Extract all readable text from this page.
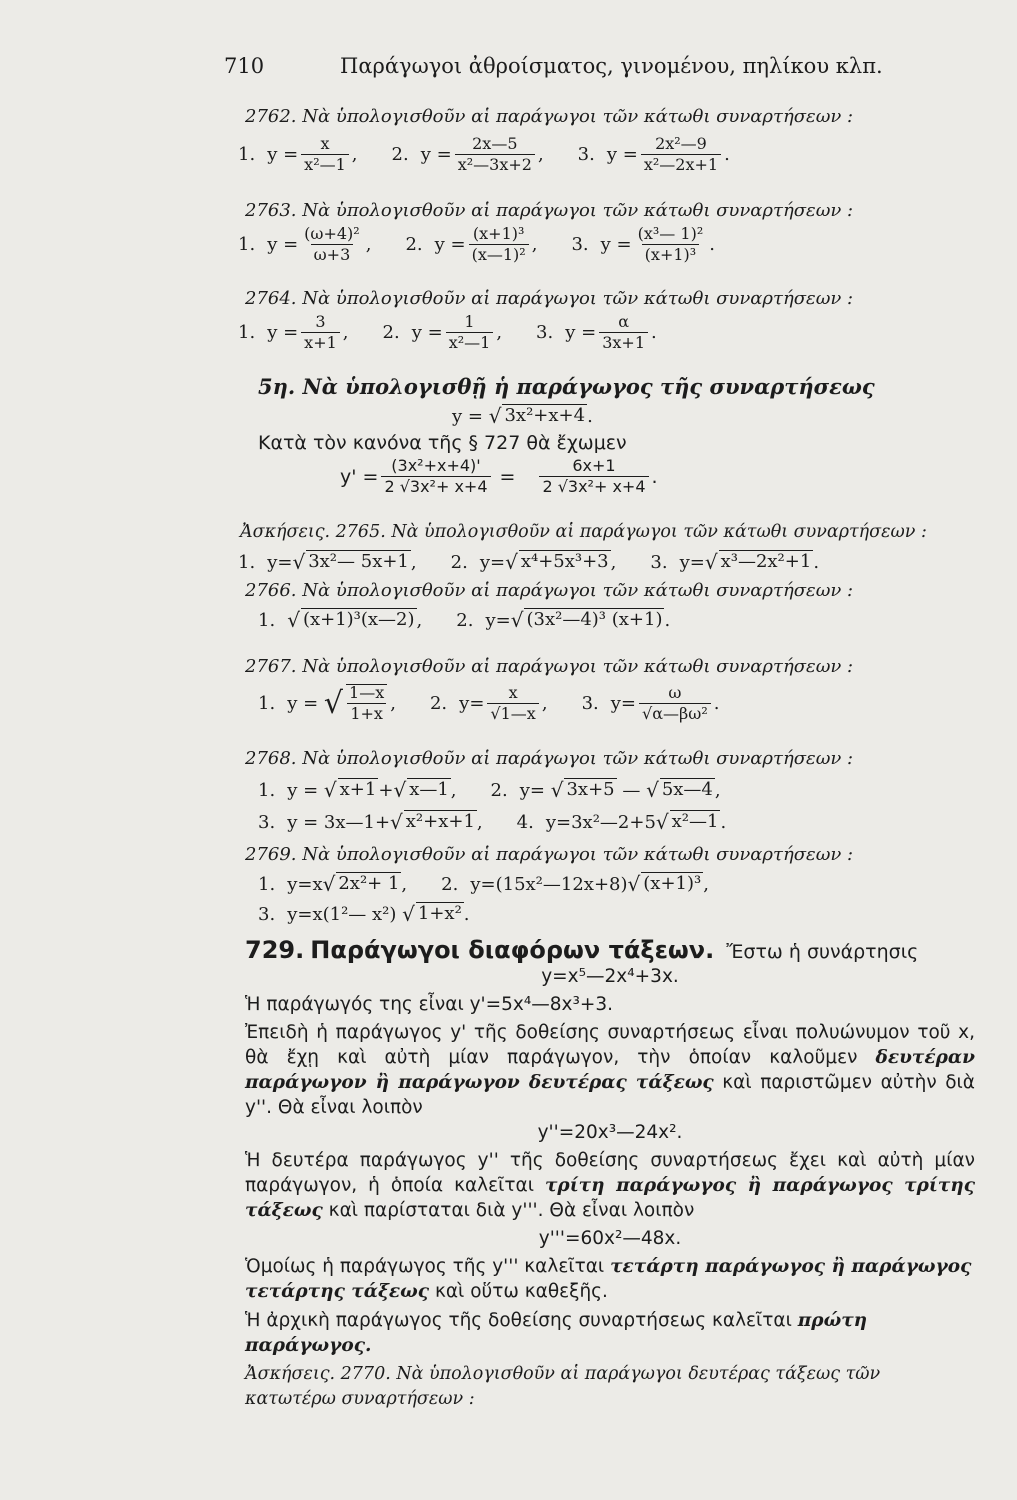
710	Παράγωγοι ἀθροίσματος, γινομένου, πηλίκου κλπ.
2762. Νὰ ὑπολογισθοῦν αἱ παράγωγοι τῶν κάτωθι συναρτήσεων :
1. $y = \frac{x}{\text{x²—1}}$ , 2. $y = \frac{2x—5}{\text{x²—3x+2}}$ , 3. $y = \frac{\text{2x²—9}}{\text{x²—2x+1}}$ .
2763. Νὰ ὑπολογισθοῦν αἱ παράγωγοι τῶν κάτωθι συναρτήσεων :
1. $y = \frac{\text{(ω+4)²}}{\omega+3}$ , 2. $y = \frac{\text{(x+1)³}}{\text{(x—1)²}}$ , 3. $y = \frac{\text{(x³— 1)²}}{\text{(x+1)³}}$ .
2764. Νὰ ὑπολογισθοῦν αἱ παράγωγοι τῶν κάτωθι συναρτήσεων :
1. $y = \frac{3}{x+1}$ , 2. $y = \frac{1}{\text{x²—1}}$ , 3. $y = \frac{\alpha}{3x+1}$ .
5η. Νὰ ὑπολογισθῇ ἡ παράγωγος τῆς συναρτήσεως
y =
√ 3x²+x+4 .
Κατὰ τὸν κανόνα τῆς § 727 θὰ ἔχωμεν
$y' = \frac{\text{(3x²+x+4)'}}{\text{2 √3x²+ x+4}} = \frac{6x+1}{\text{2 √3x²+ x+4}}$ .
Ἀσκήσεις. 2765. Νὰ ὑπολογισθοῦν αἱ παράγωγοι τῶν κάτωθι συναρτήσεων :
1. y= √ 3x²— 5x+1 , 2. y= √ x⁴+5x³+3 , 3. y= √ x³—2x²+1 .
2766. Νὰ ὑπολογισθοῦν αἱ παράγωγοι τῶν κάτωθι συναρτήσεων :
1. √ (x+1)³(x—2) , 2. y= √ (3x²—4)³ (x+1) .
2767. Νὰ ὑπολογισθοῦν αἱ παράγωγοι τῶν κάτωθι συναρτήσεων :
1. y =
√ $\frac{1—x}{1+x}$ , 2. $y= \frac{x}{√1—x}$ , 3. $y= \frac{\omega}{\text{√α—βω²}}$ .
2768. Νὰ ὑπολογισθοῦν αἱ παράγωγοι τῶν κάτωθι συναρτήσεων :
1. y =
√ x+1 + √ x—1 , 2. y=
√ 3x+5
—
√ 5x—4 ,
3. y = 3x—1+ √ x²+x+1 , 4. y=3x²—2+5 √ x²—1 .
2769. Νὰ ὑπολογισθοῦν αἱ παράγωγοι τῶν κάτωθι συναρτήσεων :
1. y=x √ 2x²+ 1 , 2. y=(15x²—12x+8) √ (x+1)³ ,
3. y=x(1²— x²)
√ 1+x² .
729. Παράγωγοι διαφόρων τάξεων. Ἔστω ἡ συνάρτησις
y=x⁵—2x⁴+3x.
Ἡ παράγωγός της εἶναι y'=5x⁴—8x³+3.
Ἐπειδὴ ἡ παράγωγος y' τῆς δοθείσης συναρτήσεως εἶναι πολυώνυμον τοῦ x, θὰ ἔχῃ καὶ αὐτὴ μίαν παράγωγον, τὴν ὁποίαν καλοῦμεν δευτέραν παράγωγον ἢ παράγωγον δευτέρας τάξεως καὶ παριστῶμεν αὐτὴν διὰ y''. Θὰ εἶναι λοιπὸν
y''=20x³—24x².
Ἡ δευτέρα παράγωγος y'' τῆς δοθείσης συναρτήσεως ἔχει καὶ αὐτὴ μίαν παράγωγον, ἡ ὁποία καλεῖται τρίτη παράγωγος ἢ παράγωγος τρίτης τάξεως καὶ παρίσταται διὰ y'''. Θὰ εἶναι λοιπὸν
y'''=60x²—48x.
Ὁμοίως ἡ παράγωγος τῆς y''' καλεῖται τετάρτη παράγωγος ἢ παράγωγος τετάρτης τάξεως καὶ οὕτω καθεξῆς.
Ἡ ἀρχικὴ παράγωγος τῆς δοθείσης συναρτήσεως καλεῖται πρώτη παράγωγος.
Ἀσκήσεις. 2770. Νὰ ὑπολογισθοῦν αἱ παράγωγοι δευτέρας τάξεως τῶν κατωτέρω συναρτήσεων :
